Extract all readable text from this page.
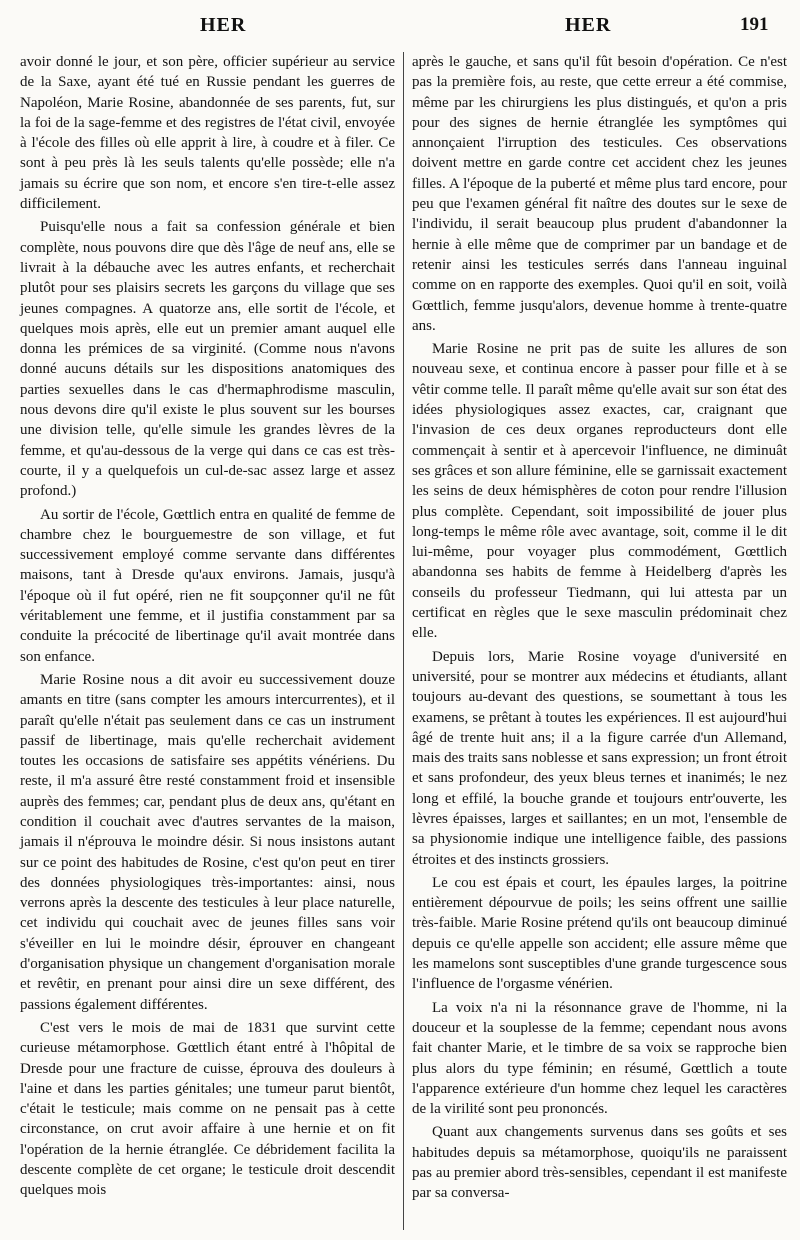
HER	HER	191

avoir donné le jour, et son père, officier supérieur au service de la Saxe, ayant été tué en Russie pendant les guerres de Napoléon, Marie Rosine, abandonnée de ses parents, fut, sur la foi de la sage-femme et des registres de l'état civil, envoyée à l'école des filles où elle apprit à lire, à coudre et à filer. Ce sont à peu près là les seuls talents qu'elle possède; elle n'a jamais su écrire que son nom, et encore s'en tire-t-elle assez difficilement.

Puisqu'elle nous a fait sa confession générale et bien complète, nous pouvons dire que dès l'âge de neuf ans, elle se livrait à la débauche avec les autres enfants, et recherchait plutôt pour ses plaisirs secrets les garçons du village que ses jeunes compagnes. A quatorze ans, elle sortit de l'école, et quelques mois après, elle eut un premier amant auquel elle donna les prémices de sa virginité. (Comme nous n'avons donné aucuns détails sur les dispositions anatomiques des parties sexuelles dans le cas d'hermaphrodisme masculin, nous devons dire qu'il existe le plus souvent sur les bourses une division telle, qu'elle simule les grandes lèvres de la femme, et qu'au-dessous de la verge qui dans ce cas est très-courte, il y a quelquefois un cul-de-sac assez large et assez profond.)

Au sortir de l'école, Gœttlich entra en qualité de femme de chambre chez le bourguemestre de son village, et fut successivement employé comme servante dans différentes maisons, tant à Dresde qu'aux environs. Jamais, jusqu'à l'époque où il fut opéré, rien ne fit soupçonner qu'il ne fût véritablement une femme, et il justifia constamment par sa conduite la précocité de libertinage qu'il avait montrée dans son enfance.

Marie Rosine nous a dit avoir eu successivement douze amants en titre (sans compter les amours intercurrentes), et il paraît qu'elle n'était pas seulement dans ce cas un instrument passif de libertinage, mais qu'elle recherchait avidement toutes les occasions de satisfaire ses appétits vénériens. Du reste, il m'a assuré être resté constamment froid et insensible auprès des femmes; car, pendant plus de deux ans, qu'étant en condition il couchait avec d'autres servantes de la maison, jamais il n'éprouva le moindre désir. Si nous insistons autant sur ce point des habitudes de Rosine, c'est qu'on peut en tirer des données physiologiques très-importantes: ainsi, nous verrons après la descente des testicules à leur place naturelle, cet individu qui couchait avec de jeunes filles sans voir s'éveiller en lui le moindre désir, éprouver en changeant d'organisation physique un changement d'organisation morale et revêtir, en prenant pour ainsi dire un sexe différent, des passions également différentes.

C'est vers le mois de mai de 1831 que survint cette curieuse métamorphose. Gœttlich étant entré à l'hôpital de Dresde pour une fracture de cuisse, éprouva des douleurs à l'aine et dans les parties génitales; une tumeur parut bientôt, c'était le testicule; mais comme on ne pensait pas à cette circonstance, on crut avoir affaire à une hernie et on fit l'opération de la hernie étranglée. Ce débridement facilita la descente complète de cet organe; le testicule droit descendit quelques mois

après le gauche, et sans qu'il fût besoin d'opération. Ce n'est pas la première fois, au reste, que cette erreur a été commise, même par les chirurgiens les plus distingués, et qu'on a pris pour des signes de hernie étranglée les symptômes qui annonçaient l'irruption des testicules. Ces observations doivent mettre en garde contre cet accident chez les jeunes filles. A l'époque de la puberté et même plus tard encore, pour peu que l'examen général fit naître des doutes sur le sexe de l'individu, il serait beaucoup plus prudent d'abandonner la hernie à elle même que de comprimer par un bandage et de retenir ainsi les testicules serrés dans l'anneau inguinal comme on en rapporte des exemples. Quoi qu'il en soit, voilà Gœttlich, femme jusqu'alors, devenue homme à trente-quatre ans.

Marie Rosine ne prit pas de suite les allures de son nouveau sexe, et continua encore à passer pour fille et à se vêtir comme telle. Il paraît même qu'elle avait sur son état des idées physiologiques assez exactes, car, craignant que l'invasion de ces deux organes reproducteurs dont elle commençait à sentir et à apercevoir l'influence, ne diminuât ses grâces et son allure féminine, elle se garnissait exactement les seins de deux hémisphères de coton pour rendre l'illusion plus complète. Cependant, soit impossibilité de jouer plus long-temps le même rôle avec avantage, soit, comme il le dit lui-même, pour voyager plus commodément, Gœttlich abandonna ses habits de femme à Heidelberg d'après les conseils du professeur Tiedmann, qui lui attesta par un certificat en règles que le sexe masculin prédominait chez elle.

Depuis lors, Marie Rosine voyage d'université en université, pour se montrer aux médecins et étudiants, allant toujours au-devant des questions, se soumettant à tous les examens, se prêtant à toutes les expériences. Il est aujourd'hui âgé de trente huit ans; il a la figure carrée d'un Allemand, mais des traits sans noblesse et sans expression; un front étroit et sans profondeur, des yeux bleus ternes et inanimés; le nez long et effilé, la bouche grande et toujours entr'ouverte, les lèvres épaisses, larges et saillantes; en un mot, l'ensemble de sa physionomie indique une intelligence faible, des passions étroites et des instincts grossiers.

Le cou est épais et court, les épaules larges, la poitrine entièrement dépourvue de poils; les seins offrent une saillie très-faible. Marie Rosine prétend qu'ils ont beaucoup diminué depuis ce qu'elle appelle son accident; elle assure même que les mamelons sont susceptibles d'une grande turgescence sous l'influence de l'orgasme vénérien.

La voix n'a ni la résonnance grave de l'homme, ni la douceur et la souplesse de la femme; cependant nous avons fait chanter Marie, et le timbre de sa voix se rapproche bien plus alors du type féminin; en résumé, Gœttlich a toute l'apparence extérieure d'un homme chez lequel les caractères de la virilité sont peu prononcés.

Quant aux changements survenus dans ses goûts et ses habitudes depuis sa métamorphose, quoiqu'ils ne paraissent pas au premier abord très-sensibles, cependant il est manifeste par sa conversa-
